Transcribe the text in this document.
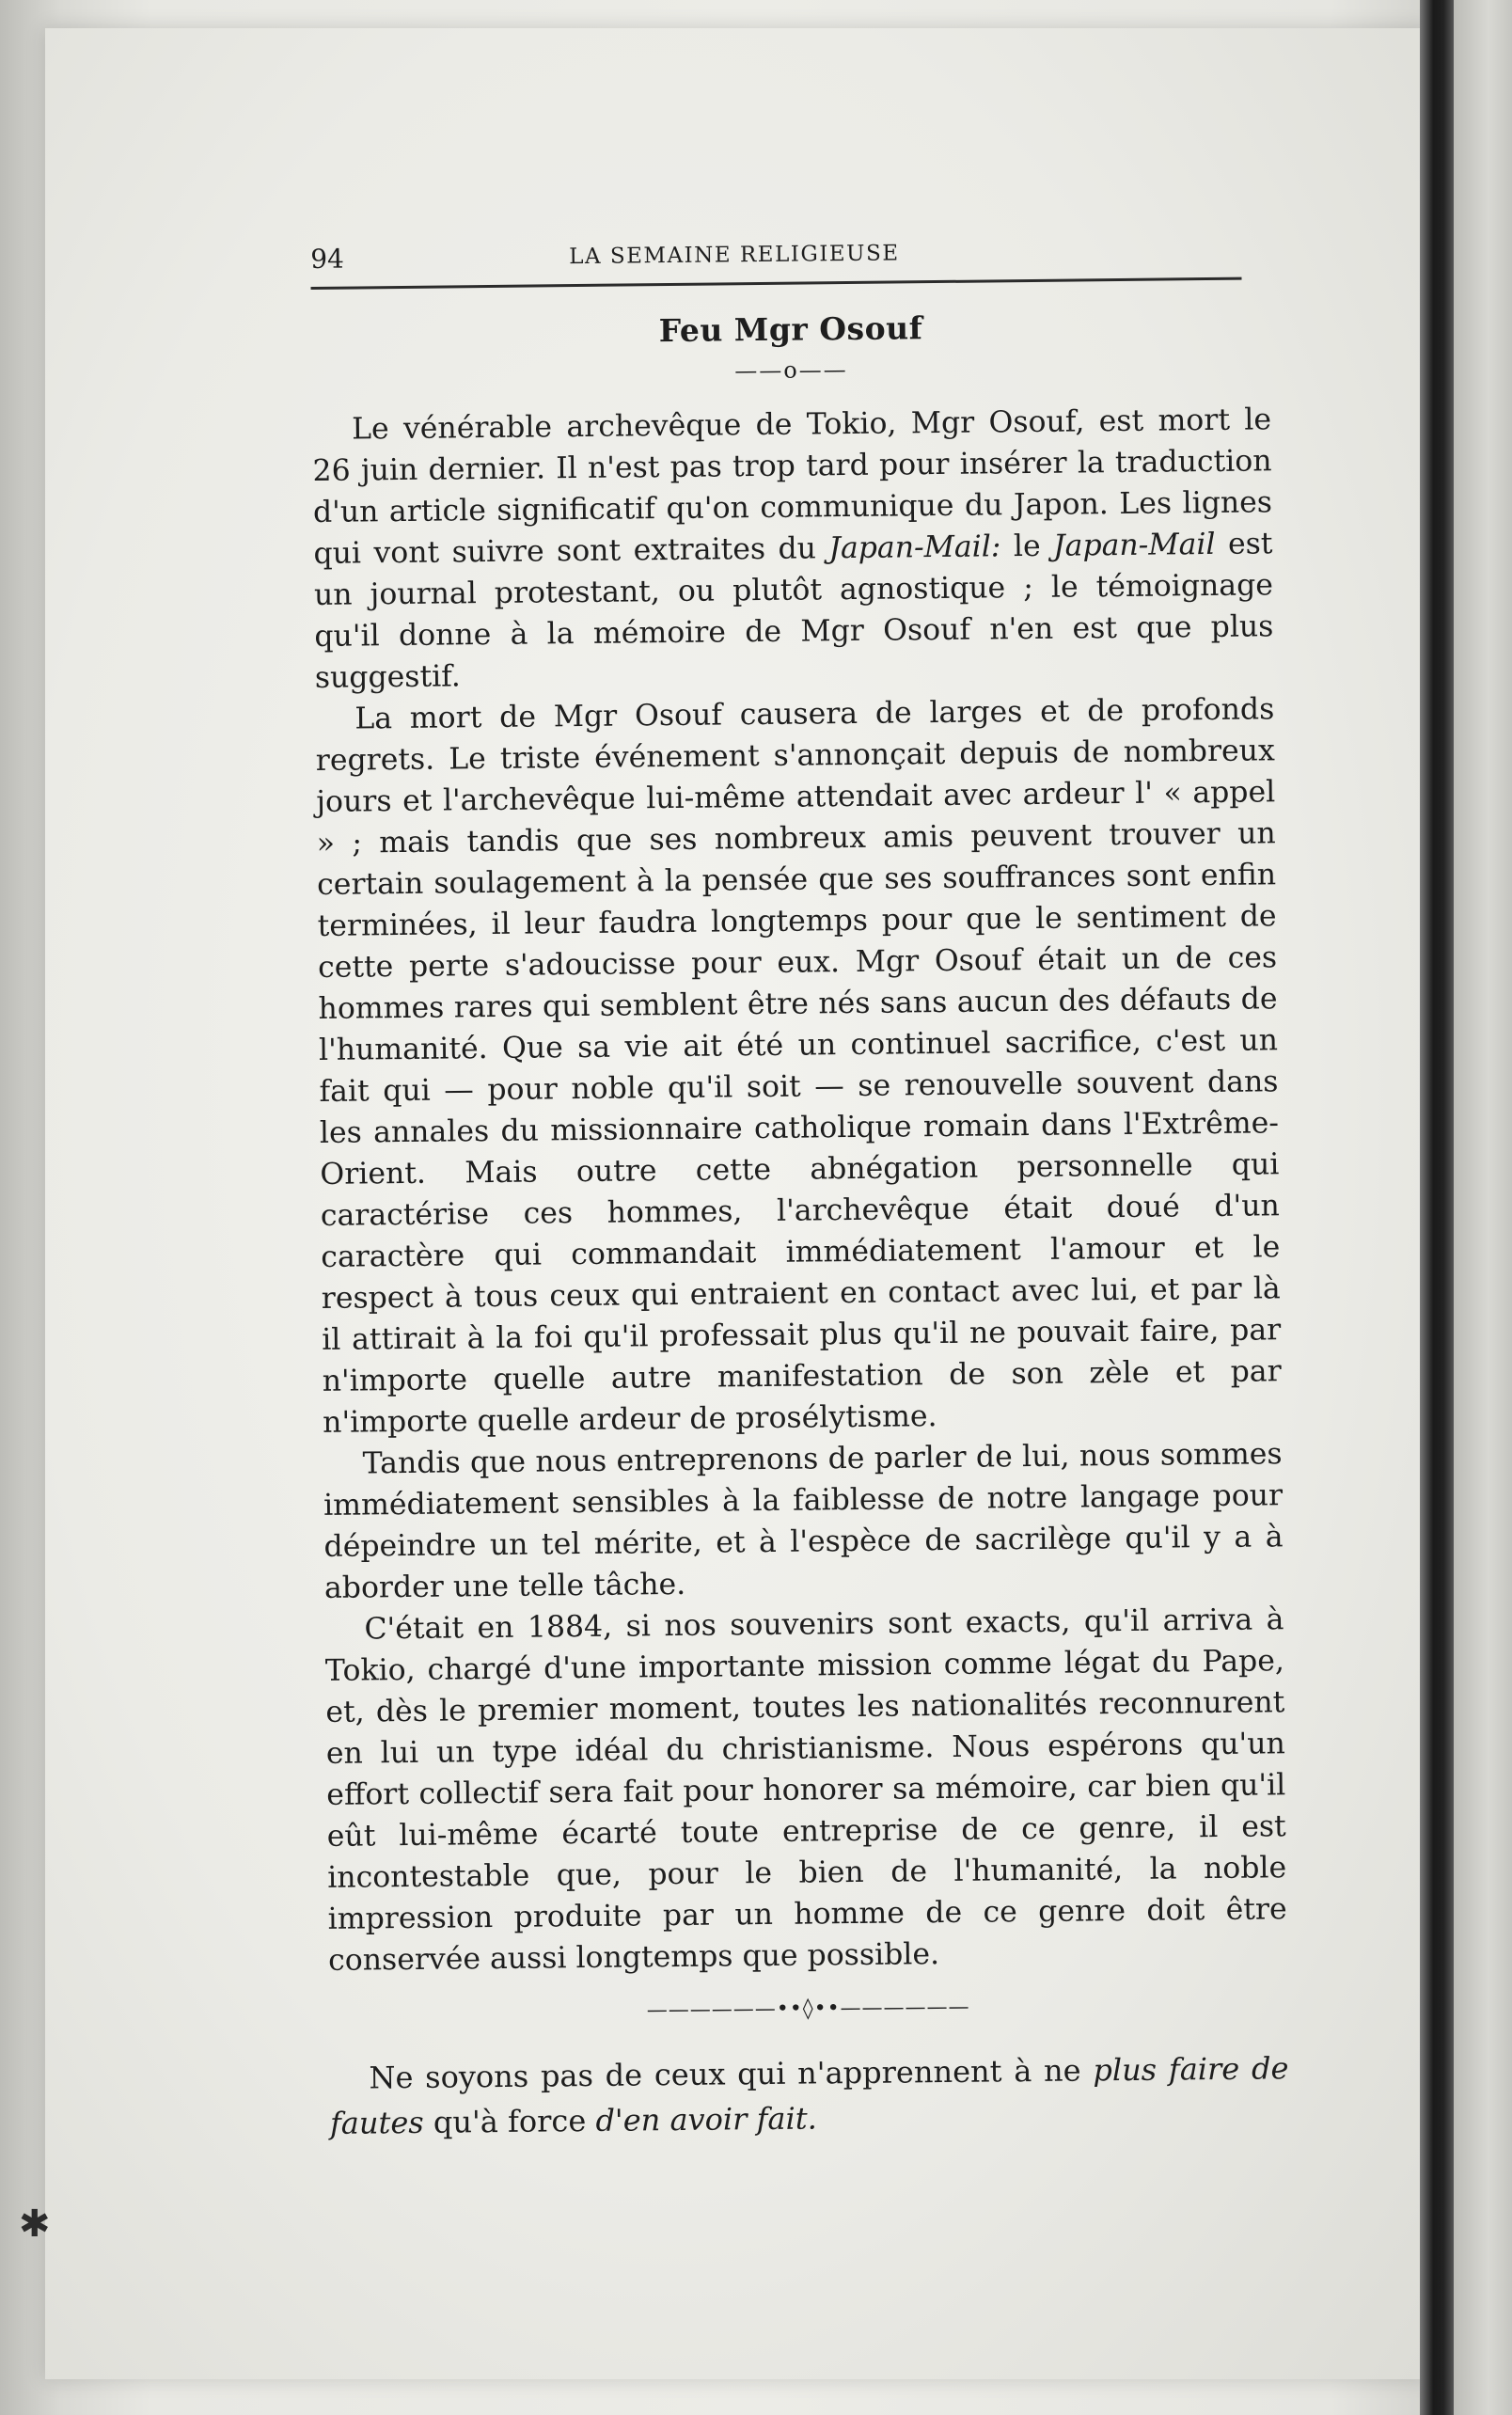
✱
94	LA SEMAINE RELIGIEUSE
Feu Mgr Osouf
——o——

Le vénérable archevêque de Tokio, Mgr Osouf, est mort le 26 juin dernier. Il n'est pas trop tard pour insérer la traduction d'un article significatif qu'on communique du Japon. Les lignes qui vont suivre sont extraites du Japan-Mail: le Japan-Mail est un journal protestant, ou plutôt agnostique ; le témoignage qu'il donne à la mémoire de Mgr Osouf n'en est que plus suggestif.

La mort de Mgr Osouf causera de larges et de profonds regrets. Le triste événement s'annonçait depuis de nombreux jours et l'archevêque lui-même attendait avec ardeur l' « appel » ; mais tandis que ses nombreux amis peuvent trouver un certain soulagement à la pensée que ses souffrances sont enfin terminées, il leur faudra longtemps pour que le sentiment de cette perte s'adoucisse pour eux. Mgr Osouf était un de ces hommes rares qui semblent être nés sans aucun des défauts de l'humanité. Que sa vie ait été un continuel sacrifice, c'est un fait qui — pour noble qu'il soit — se renouvelle souvent dans les annales du missionnaire catholique romain dans l'Extrême-Orient. Mais outre cette abnégation personnelle qui caractérise ces hommes, l'archevêque était doué d'un caractère qui commandait immédiatement l'amour et le respect à tous ceux qui entraient en contact avec lui, et par là il attirait à la foi qu'il professait plus qu'il ne pouvait faire, par n'importe quelle autre manifestation de son zèle et par n'importe quelle ardeur de prosélytisme.

Tandis que nous entreprenons de parler de lui, nous sommes immédiatement sensibles à la faiblesse de notre langage pour dépeindre un tel mérite, et à l'espèce de sacrilège qu'il y a à aborder une telle tâche.

C'était en 1884, si nos souvenirs sont exacts, qu'il arriva à Tokio, chargé d'une importante mission comme légat du Pape, et, dès le premier moment, toutes les nationalités reconnurent en lui un type idéal du christianisme. Nous espérons qu'un effort collectif sera fait pour honorer sa mémoire, car bien qu'il eût lui-même écarté toute entreprise de ce genre, il est incontestable que, pour le bien de l'humanité, la noble impression produite par un homme de ce genre doit être conservée aussi longtemps que possible.

——————••◊••——————

Ne soyons pas de ceux qui n'apprennent à ne plus faire de fautes qu'à force d'en avoir fait.
